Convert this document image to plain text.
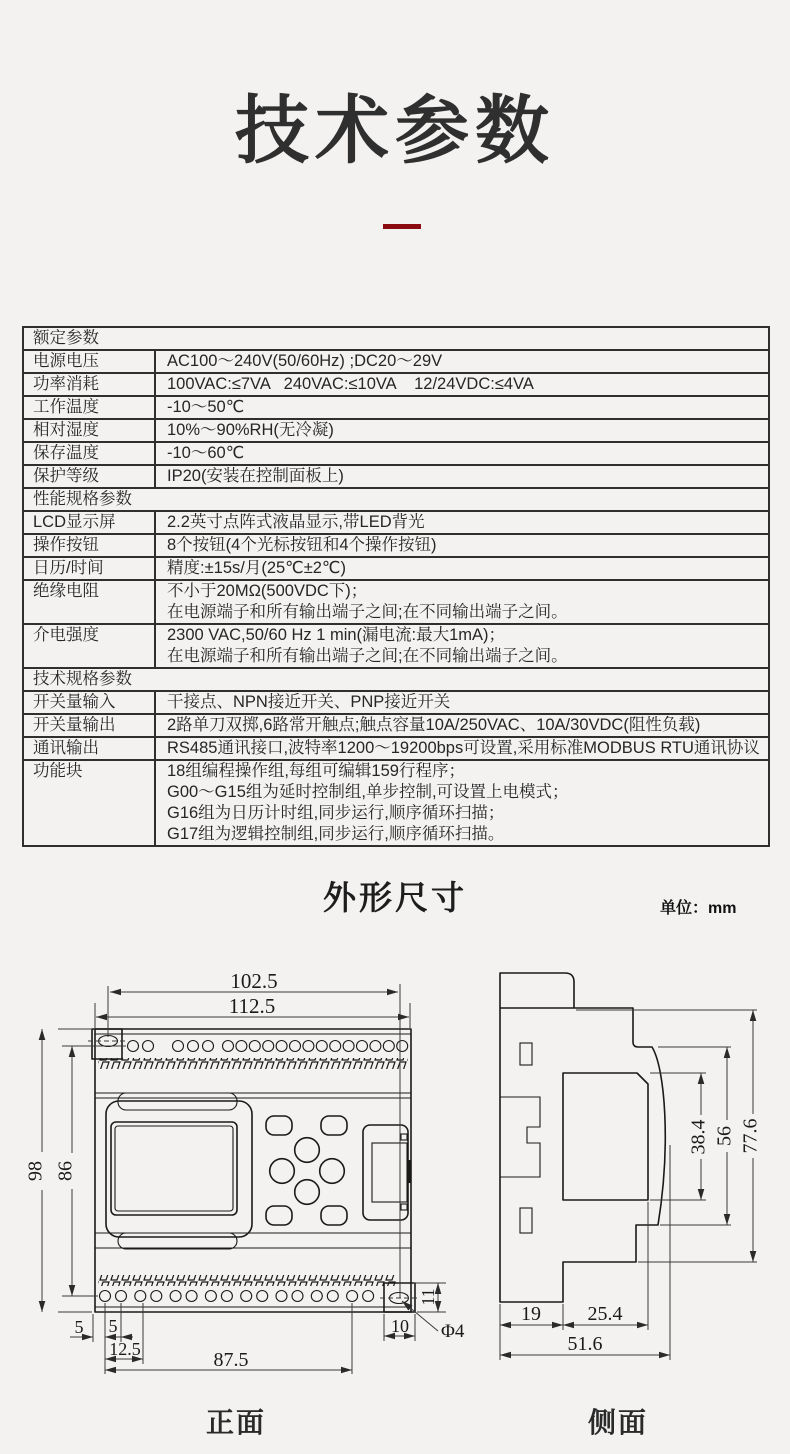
技术参数
额定参数
电源电压	AC100～240V(50/60Hz) ;DC20～29V
功率消耗	100VAC:≤7VA   240VAC:≤10VA    12/24VDC:≤4VA
工作温度	-10～50℃
相对湿度	10%～90%RH(无冷凝)
保存温度	-10～60℃
保护等级	IP20(安装在控制面板上)
性能规格参数
LCD显示屏	2.2英寸点阵式液晶显示,带LED背光
操作按钮	8个按钮(4个光标按钮和4个操作按钮)
日历/时间	精度:±15s/月(25℃±2℃)
绝缘电阻	不小于20MΩ(500VDC下)；
在电源端子和所有输出端子之间;在不同输出端子之间。
介电强度	2300 VAC,50/60 Hz 1 min(漏电流:最大1mA)；
在电源端子和所有输出端子之间;在不同输出端子之间。
技术规格参数
开关量输入	干接点、NPN接近开关、PNP接近开关
开关量输出	2路单刀双掷,6路常开触点;触点容量10A/250VAC、10A/30VDC(阻性负载)
通讯输出	RS485通讯接口,波特率1200～19200bps可设置,采用标准MODBUS RTU通讯协议
功能块	18组编程操作组,每组可编辑159行程序；
G00～G15组为延时控制组,单步控制,可设置上电模式；
G16组为日历计时组,同步运行,顺序循环扫描；
G17组为逻辑控制组,同步运行,顺序循环扫描。
外形尺寸	单位：mm
102.5
112.5
98 86
5 5
12.5	87.5
10
11
Φ4
38.4 56 77.6
19 25.4
51.6
正面	侧面
